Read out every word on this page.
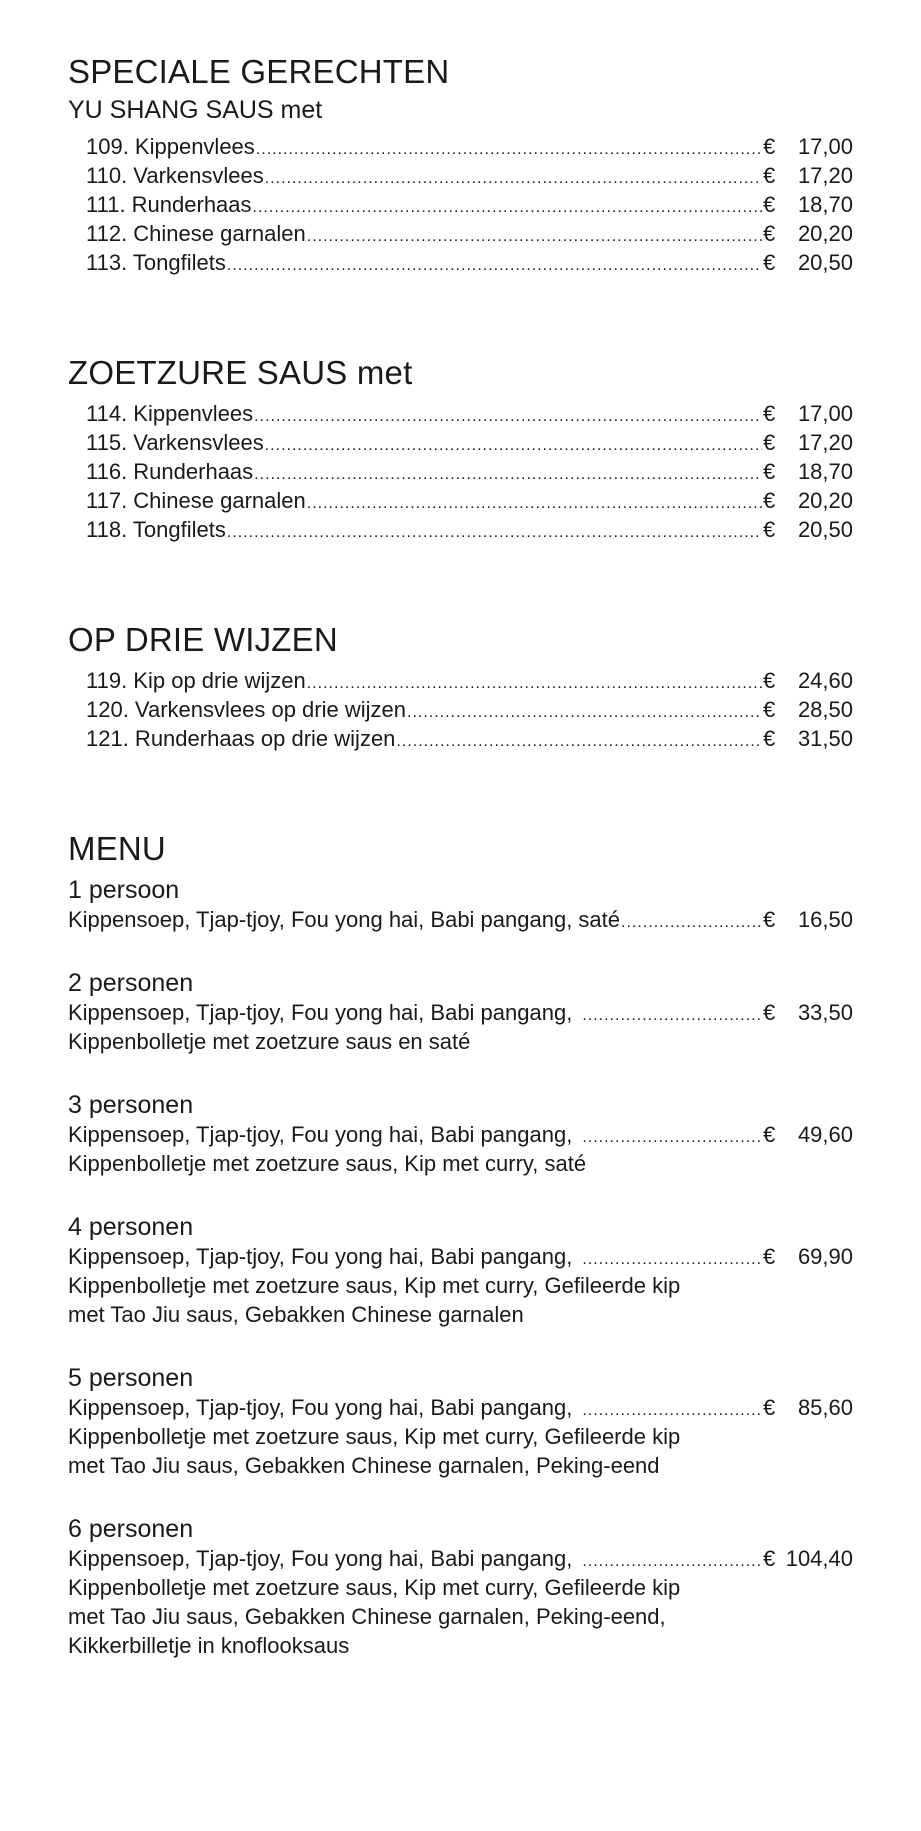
SPECIALE GERECHTEN
YU SHANG SAUS met
109. Kippenvlees .....	€ 17,00
110. Varkensvlees .....	€ 17,20
111. Runderhaas .....	€ 18,70
112. Chinese garnalen .....	€ 20,20
113. Tongfilets .....	€ 20,50
ZOETZURE SAUS met
114. Kippenvlees .....	€ 17,00
115. Varkensvlees .....	€ 17,20
116. Runderhaas .....	€ 18,70
117. Chinese garnalen .....	€ 20,20
118. Tongfilets .....	€ 20,50
OP DRIE WIJZEN
119. Kip op drie wijzen .....	€ 24,60
120. Varkensvlees op drie wijzen .....	€ 28,50
121. Runderhaas op drie wijzen .....	€ 31,50
MENU
1 persoon
Kippensoep, Tjap-tjoy, Fou yong hai, Babi pangang, saté .....	€ 16,50
2 personen
Kippensoep, Tjap-tjoy, Fou yong hai, Babi pangang, .....	€ 33,50
Kippenbolletje met zoetzure saus en saté
3 personen
Kippensoep, Tjap-tjoy, Fou yong hai, Babi pangang, .....	€ 49,60
Kippenbolletje met zoetzure saus, Kip met curry, saté
4 personen
Kippensoep, Tjap-tjoy, Fou yong hai, Babi pangang, .....	€ 69,90
Kippenbolletje met zoetzure saus, Kip met curry, Gefileerde kip
met Tao Jiu saus, Gebakken Chinese garnalen
5 personen
Kippensoep, Tjap-tjoy, Fou yong hai, Babi pangang, .....	€ 85,60
Kippenbolletje met zoetzure saus, Kip met curry, Gefileerde kip
met Tao Jiu saus, Gebakken Chinese garnalen, Peking-eend
6 personen
Kippensoep, Tjap-tjoy, Fou yong hai, Babi pangang, .....	€ 104,40
Kippenbolletje met zoetzure saus, Kip met curry, Gefileerde kip
met Tao Jiu saus, Gebakken Chinese garnalen, Peking-eend,
Kikkerbilletje in knoflooksaus
